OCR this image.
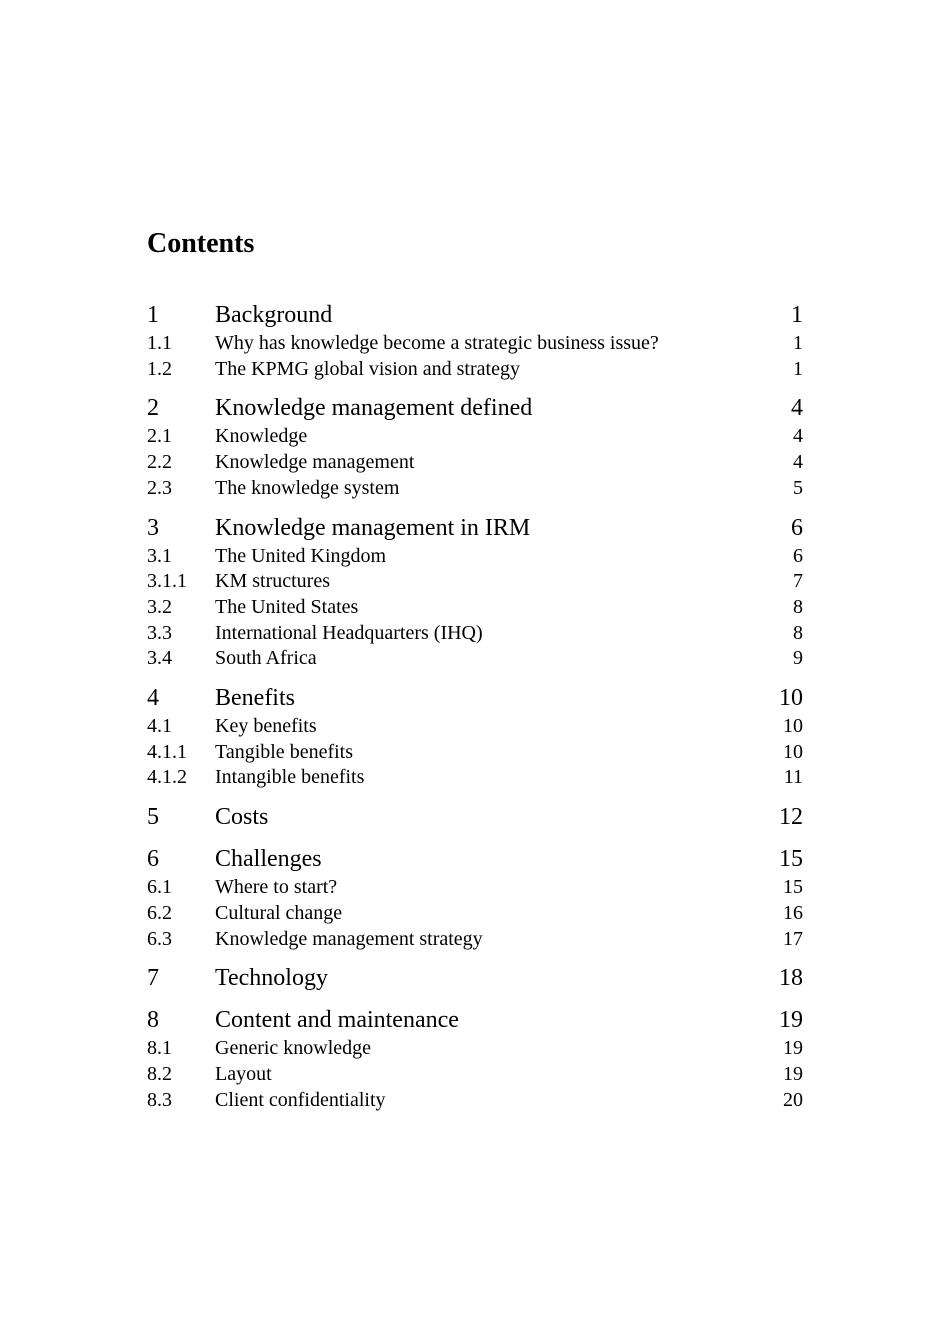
Contents
1	Background	1
1.1	Why has knowledge become a strategic business issue?	1
1.2	The KPMG global vision and strategy	1
2	Knowledge management defined	4
2.1	Knowledge	4
2.2	Knowledge management	4
2.3	The knowledge system	5
3	Knowledge management in IRM	6
3.1	The United Kingdom	6
3.1.1	KM structures	7
3.2	The United States	8
3.3	International Headquarters (IHQ)	8
3.4	South Africa	9
4	Benefits	10
4.1	Key benefits	10
4.1.1	Tangible benefits	10
4.1.2	Intangible benefits	11
5	Costs	12
6	Challenges	15
6.1	Where to start?	15
6.2	Cultural change	16
6.3	Knowledge management strategy	17
7	Technology	18
8	Content and maintenance	19
8.1	Generic knowledge	19
8.2	Layout	19
8.3	Client confidentiality	20
